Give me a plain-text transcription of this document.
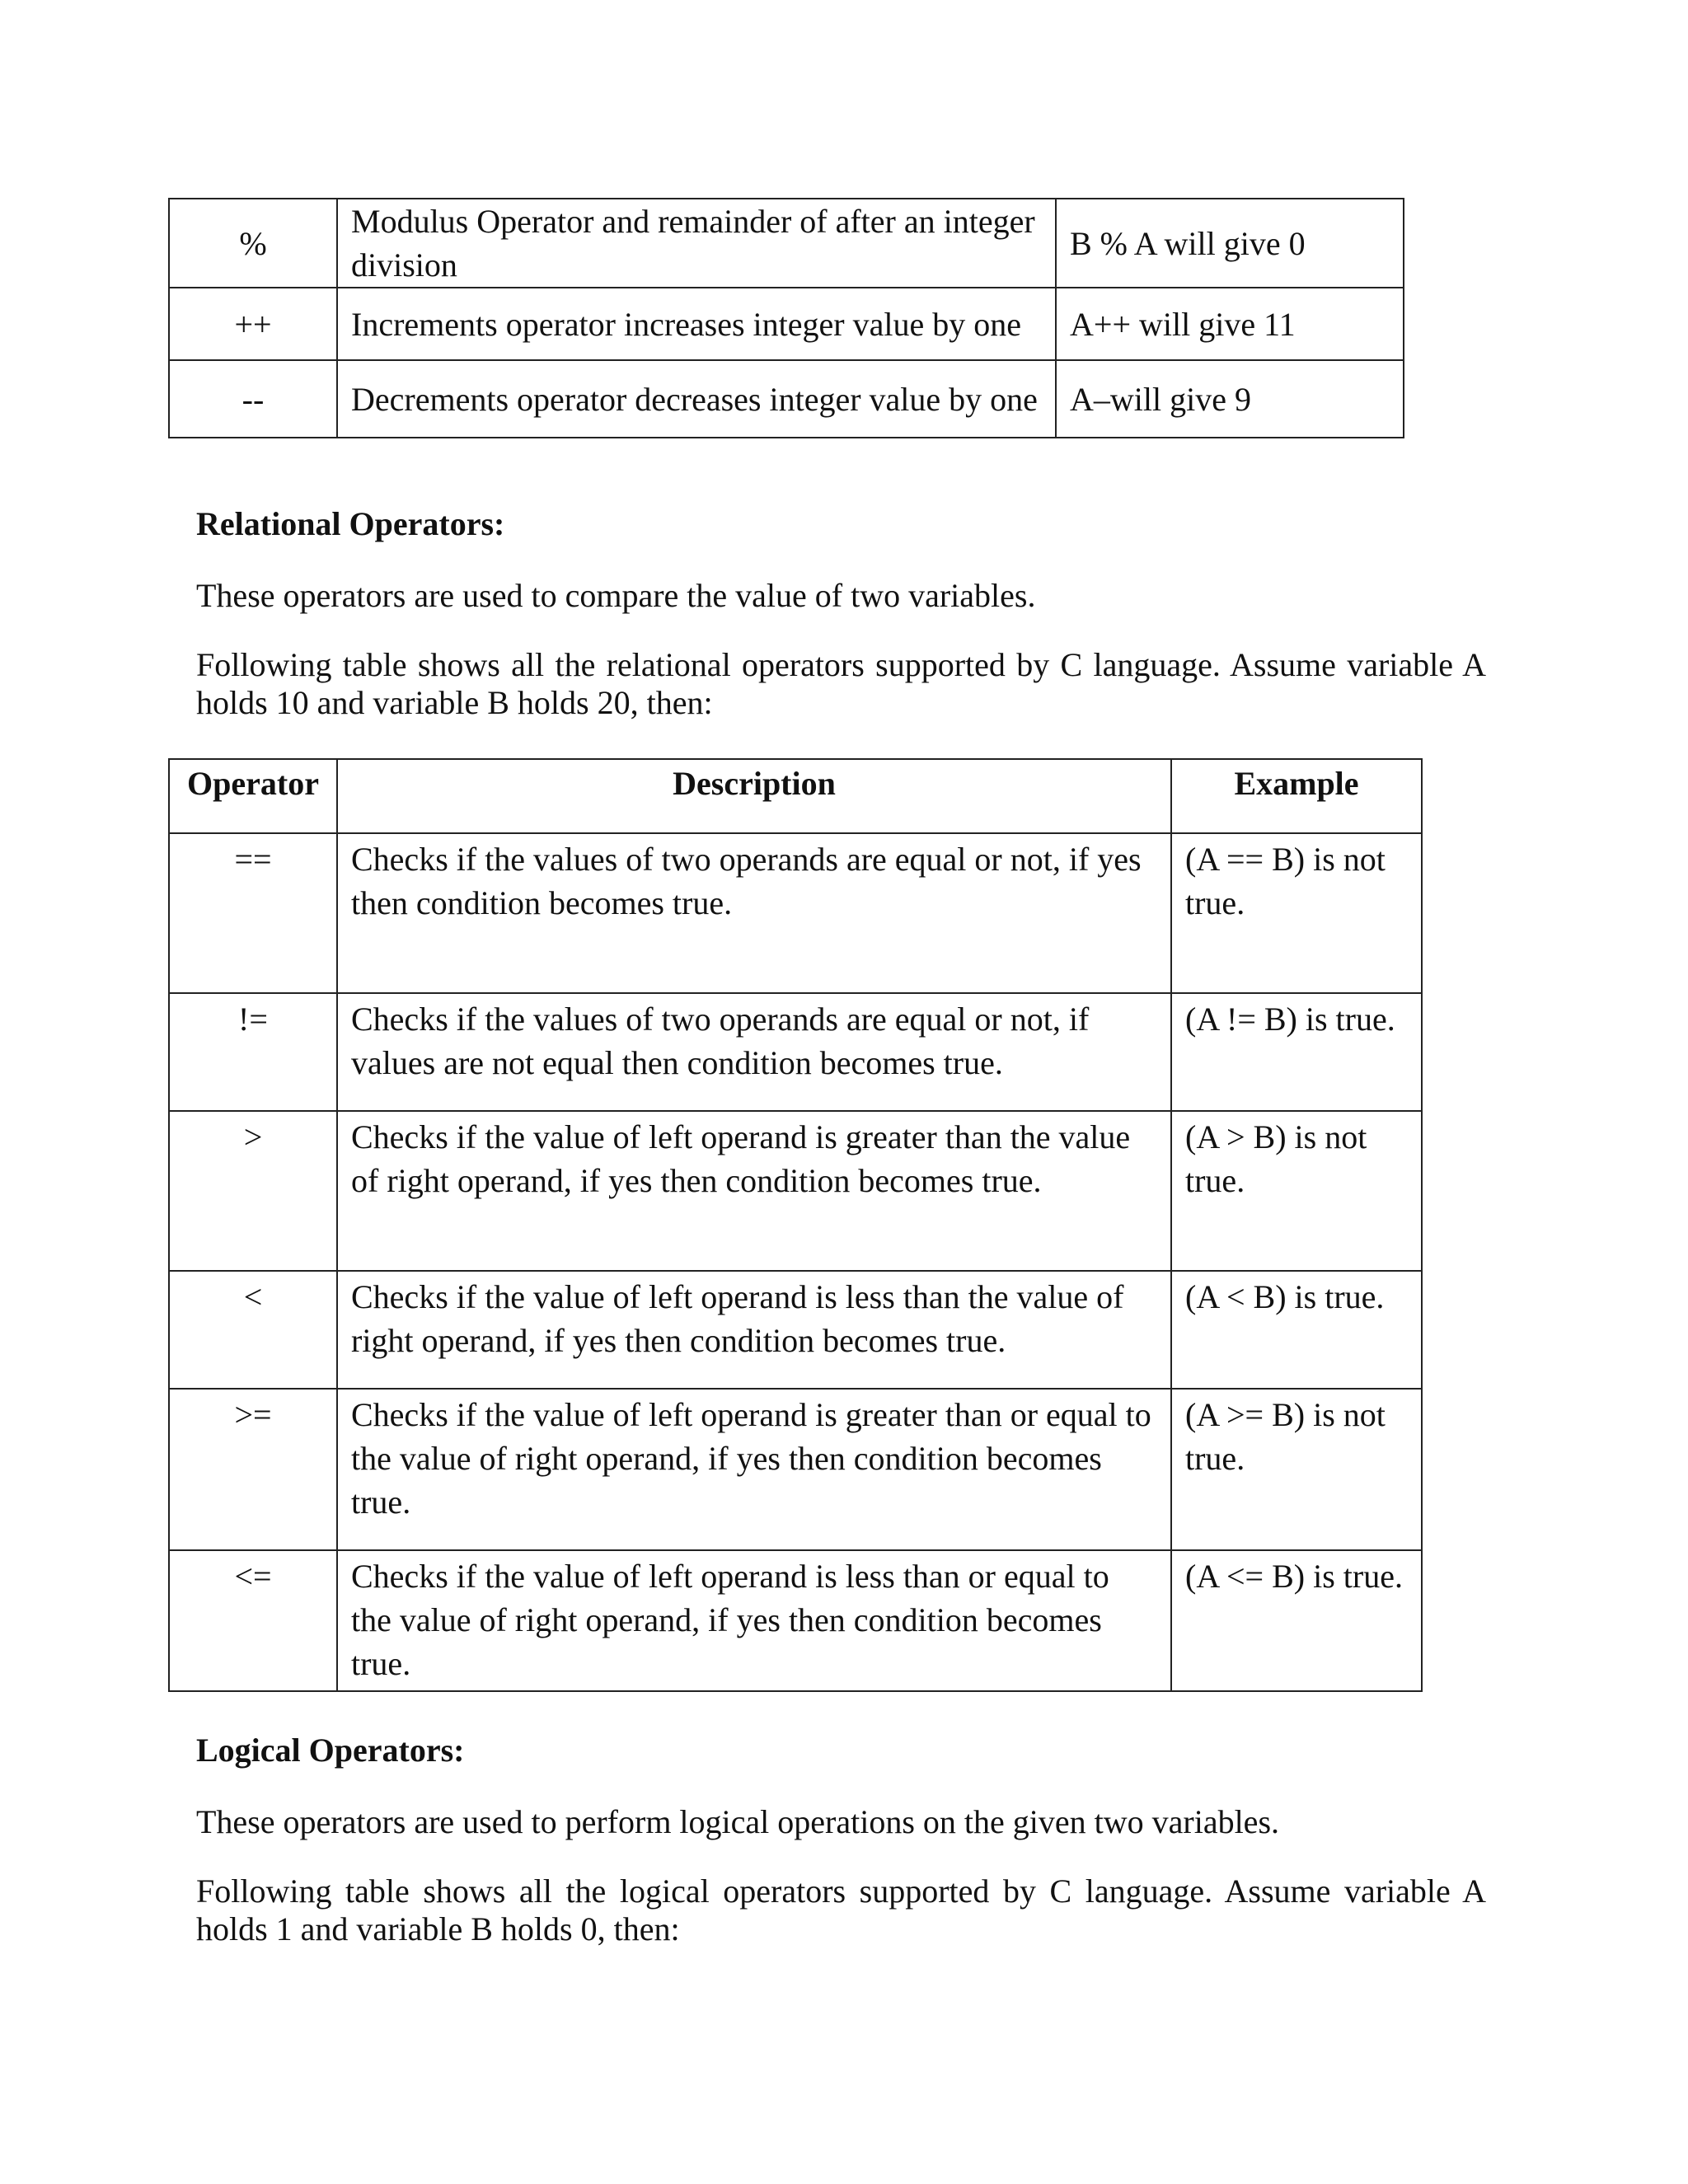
%	Modulus Operator and remainder of after an integer division	B % A will give 0
++	Increments operator increases integer value by one	A++ will give 11
--	Decrements operator decreases integer value by one	A–will give 9
Relational Operators:

These operators are used to compare the value of two variables.

Following table shows all the relational operators supported by C language. Assume variable A holds 10 and variable B holds 20, then:

Operator	Description	Example
==	Checks if the values of two operands are equal or not, if yes then condition becomes true.	(A == B) is not true.
!=	Checks if the values of two operands are equal or not, if values are not equal then condition becomes true.	(A != B) is true.
>	Checks if the value of left operand is greater than the value of right operand, if yes then condition becomes true.	(A > B) is not true.
<	Checks if the value of left operand is less than the value of right operand, if yes then condition becomes true.	(A < B) is true.
>=	Checks if the value of left operand is greater than or equal to the value of right operand, if yes then condition becomes true.	(A >= B) is not true.
<=	Checks if the value of left operand is less than or equal to the value of right operand, if yes then condition becomes true.	(A <= B) is true.
Logical Operators:

These operators are used to perform logical operations on the given two variables.

Following table shows all the logical operators supported by C language. Assume variable A holds 1 and variable B holds 0, then:
